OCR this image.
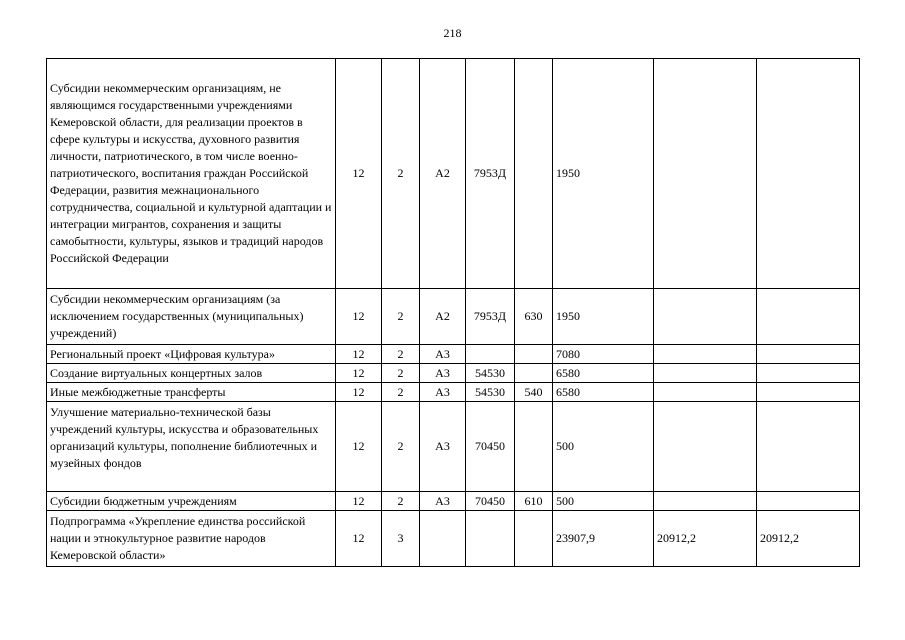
218
Субсидии некоммерческим организациям, не являющимся государственными учреждениями Кемеровской области, для реализации проектов в сфере культуры и искусства, духовного развития личности, патриотического, в том числе военно-патриотического, воспитания граждан Российской Федерации, развития межнационального сотрудничества, социальной и культурной адаптации и интеграции мигрантов, сохранения и защиты самобытности, культуры, языков и традиций народов Российской Федерации	12	2	А2	7953Д		1950		
Субсидии некоммерческим организациям (за исключением государственных (муниципальных) учреждений)	12	2	А2	7953Д	630	1950		
Региональный проект «Цифровая культура»	12	2	А3			7080		
Создание виртуальных концертных залов	12	2	А3	54530		6580		
Иные межбюджетные трансферты	12	2	А3	54530	540	6580		
Улучшение материально-технической базы учреждений культуры, искусства и образовательных организаций культуры, пополнение библиотечных и музейных фондов	12	2	А3	70450		500		
Субсидии бюджетным учреждениям	12	2	А3	70450	610	500		
Подпрограмма «Укрепление единства российской нации и этнокультурное развитие народов Кемеровской области»	12	3				23907,9	20912,2	20912,2
